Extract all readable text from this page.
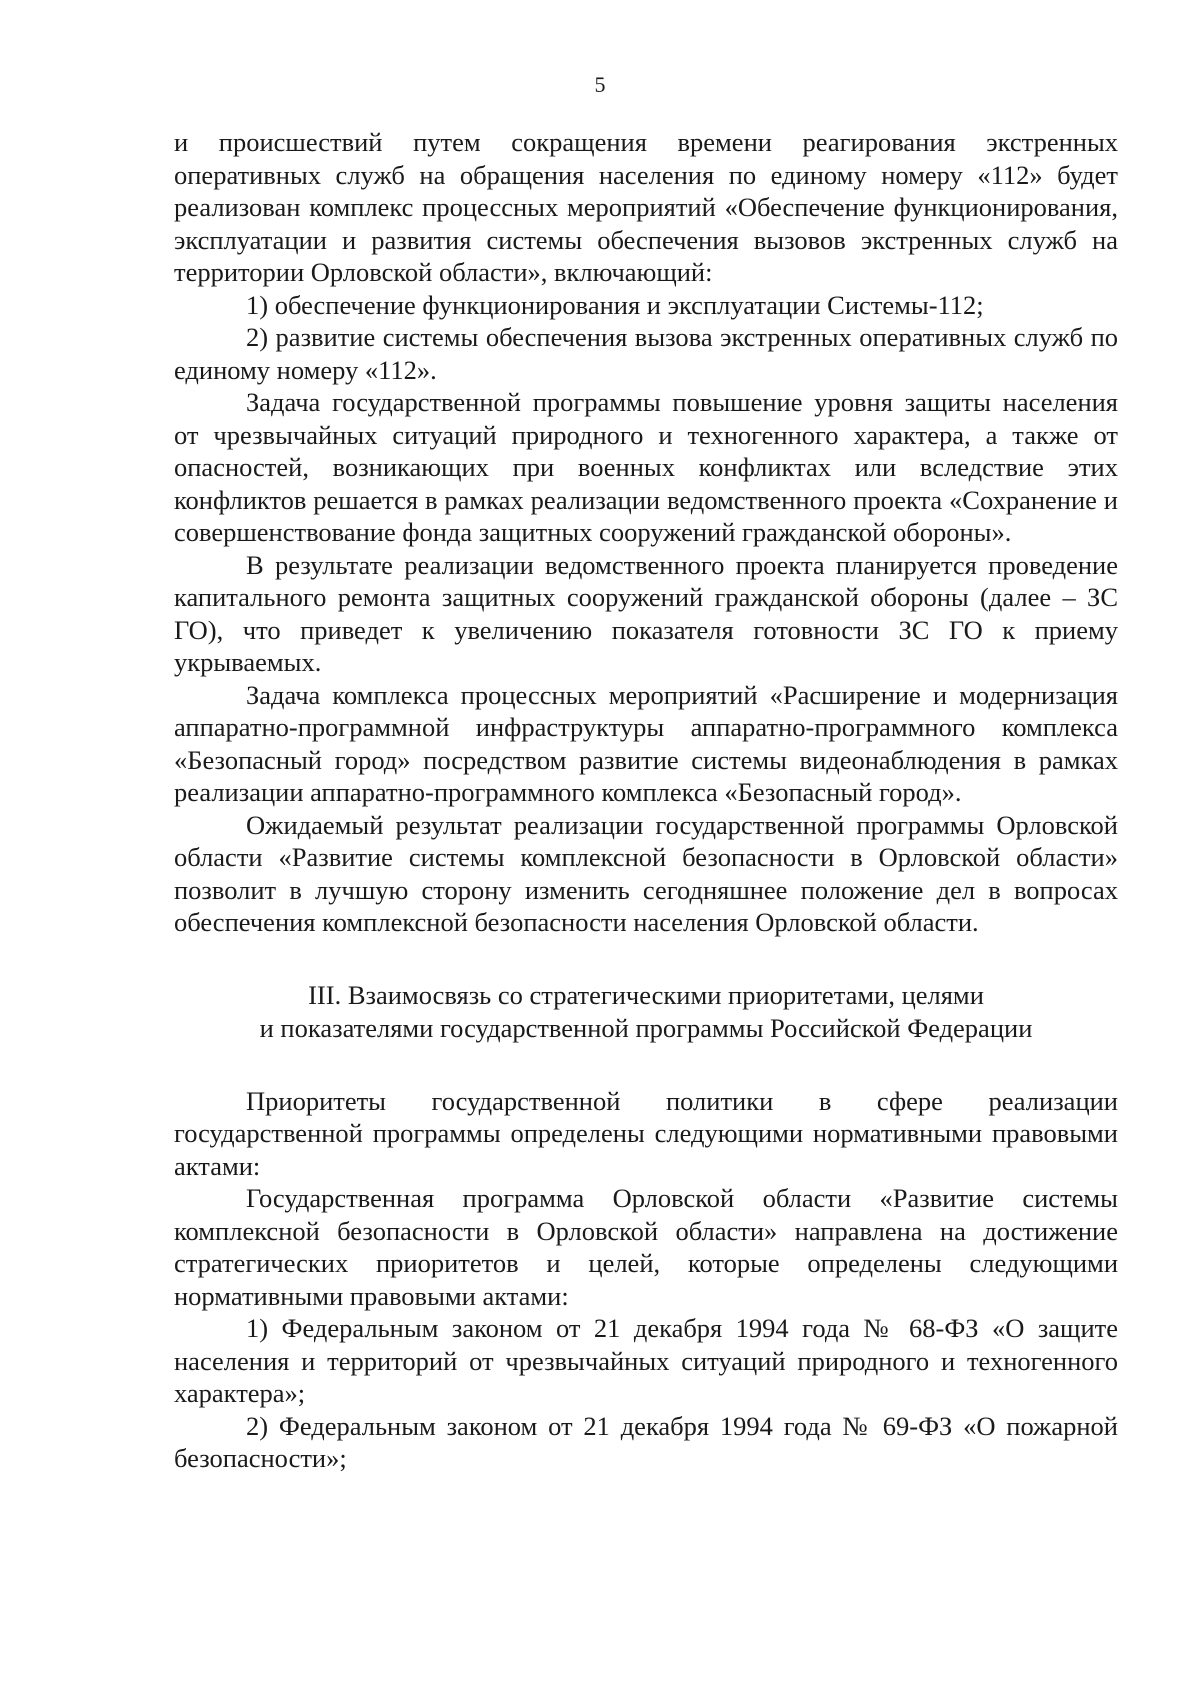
5

и происшествий путем сокращения времени реагирования экстренных оперативных служб на обращения населения по единому номеру «112» будет реализован комплекс процессных мероприятий «Обеспечение функционирования, эксплуатации и развития системы обеспечения вызовов экстренных служб на территории Орловской области», включающий:

1) обеспечение функционирования и эксплуатации Системы-112;

2) развитие системы обеспечения вызова экстренных оперативных служб по единому номеру «112».

Задача государственной программы повышение уровня защиты населения от чрезвычайных ситуаций природного и техногенного характера, а также от опасностей, возникающих при военных конфликтах или вследствие этих конфликтов решается в рамках реализации ведомственного проекта «Сохранение и совершенствование фонда защитных сооружений гражданской обороны».

В результате реализации ведомственного проекта планируется проведение капитального ремонта защитных сооружений гражданской обороны (далее – ЗС ГО), что приведет к увеличению показателя готовности ЗС ГО к приему укрываемых.

Задача комплекса процессных мероприятий «Расширение и модернизация аппаратно-программной инфраструктуры аппаратно-программного комплекса «Безопасный город» посредством развитие системы видеонаблюдения в рамках реализации аппаратно-программного комплекса «Безопасный город».

Ожидаемый результат реализации государственной программы Орловской области «Развитие системы комплексной безопасности в Орловской области» позволит в лучшую сторону изменить сегодняшнее положение дел в вопросах обеспечения комплексной безопасности населения Орловской области.

III. Взаимосвязь со стратегическими приоритетами, целями
и показателями государственной программы Российской Федерации

Приоритеты государственной политики в сфере реализации государственной программы определены следующими нормативными правовыми актами:

Государственная программа Орловской области «Развитие системы комплексной безопасности в Орловской области» направлена на достижение стратегических приоритетов и целей, которые определены следующими нормативными правовыми актами:

1) Федеральным законом от 21 декабря 1994 года № 68-ФЗ «О защите населения и территорий от чрезвычайных ситуаций природного и техногенного характера»;

2) Федеральным законом от 21 декабря 1994 года № 69-ФЗ «О пожарной безопасности»;
